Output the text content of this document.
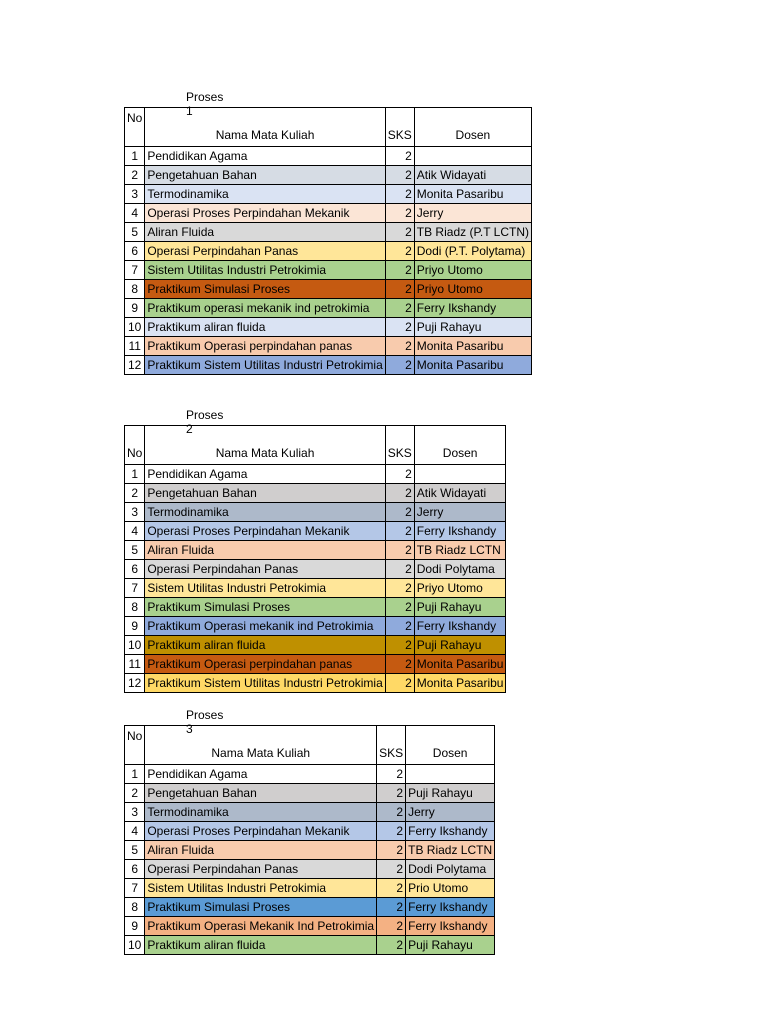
Proses 1
No	Nama Mata Kuliah	SKS	Dosen
1	Pendidikan Agama	2	
2	Pengetahuan Bahan	2	Atik Widayati
3	Termodinamika	2	Monita Pasaribu
4	Operasi Proses Perpindahan Mekanik	2	Jerry
5	Aliran Fluida	2	TB Riadz (P.T LCTN)
6	Operasi Perpindahan Panas	2	Dodi (P.T. Polytama)
7	Sistem Utilitas Industri Petrokimia	2	Priyo Utomo
8	Praktikum Simulasi Proses	2	Priyo Utomo
9	Praktikum operasi mekanik ind petrokimia	2	Ferry Ikshandy
10	Praktikum aliran fluida	2	Puji Rahayu
11	Praktikum Operasi perpindahan panas	2	Monita Pasaribu
12	Praktikum Sistem Utilitas Industri Petrokimia	2	Monita Pasaribu
Proses 2
No	Nama Mata Kuliah	SKS	Dosen
1	Pendidikan Agama	2	
2	Pengetahuan Bahan	2	Atik Widayati
3	Termodinamika	2	Jerry
4	Operasi Proses Perpindahan Mekanik	2	Ferry Ikshandy
5	Aliran Fluida	2	TB Riadz LCTN
6	Operasi Perpindahan Panas	2	Dodi Polytama
7	Sistem Utilitas Industri Petrokimia	2	Priyo Utomo
8	Praktikum Simulasi Proses	2	Puji Rahayu
9	Praktikum Operasi mekanik ind Petrokimia	2	Ferry Ikshandy
10	Praktikum aliran fluida	2	Puji Rahayu
11	Praktikum Operasi perpindahan panas	2	Monita Pasaribu
12	Praktikum Sistem Utilitas Industri Petrokimia	2	Monita Pasaribu
Proses 3
No	Nama Mata Kuliah	SKS	Dosen
1	Pendidikan Agama	2	
2	Pengetahuan Bahan	2	Puji Rahayu
3	Termodinamika	2	Jerry
4	Operasi Proses Perpindahan Mekanik	2	Ferry Ikshandy
5	Aliran Fluida	2	TB Riadz LCTN
6	Operasi Perpindahan Panas	2	Dodi Polytama
7	Sistem Utilitas Industri Petrokimia	2	Prio Utomo
8	Praktikum Simulasi Proses	2	Ferry Ikshandy
9	Praktikum Operasi Mekanik Ind Petrokimia	2	Ferry Ikshandy
10	Praktikum aliran fluida	2	Puji Rahayu
